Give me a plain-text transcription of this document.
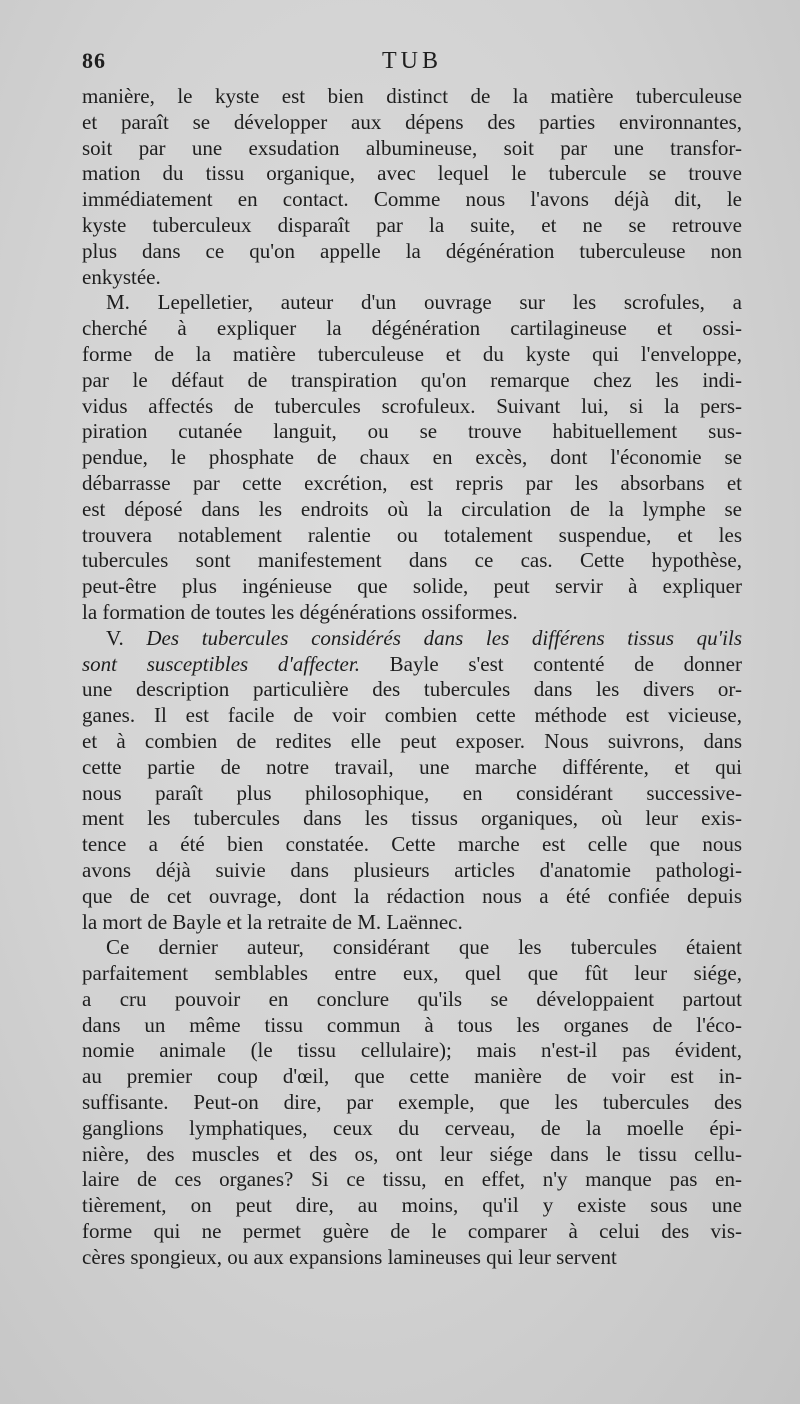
86	TUB
manière, le kyste est bien distinct de la matière tuberculeuse
et paraît se développer aux dépens des parties environnantes,
soit par une exsudation albumineuse, soit par une transfor-
mation du tissu organique, avec lequel le tubercule se trouve
immédiatement en contact. Comme nous l'avons déjà dit, le
kyste tuberculeux disparaît par la suite, et ne se retrouve
plus dans ce qu'on appelle la dégénération tuberculeuse non
enkystée.
M. Lepelletier, auteur d'un ouvrage sur les scrofules, a
cherché à expliquer la dégénération cartilagineuse et ossi-
forme de la matière tuberculeuse et du kyste qui l'enveloppe,
par le défaut de transpiration qu'on remarque chez les indi-
vidus affectés de tubercules scrofuleux. Suivant lui, si la pers-
piration cutanée languit, ou se trouve habituellement sus-
pendue, le phosphate de chaux en excès, dont l'économie se
débarrasse par cette excrétion, est repris par les absorbans et
est déposé dans les endroits où la circulation de la lymphe se
trouvera notablement ralentie ou totalement suspendue, et les
tubercules sont manifestement dans ce cas. Cette hypothèse,
peut-être plus ingénieuse que solide, peut servir à expliquer
la formation de toutes les dégénérations ossiformes.
V. Des tubercules considérés dans les différens tissus qu'ils
sont susceptibles d'affecter. Bayle s'est contenté de donner
une description particulière des tubercules dans les divers or-
ganes. Il est facile de voir combien cette méthode est vicieuse,
et à combien de redites elle peut exposer. Nous suivrons, dans
cette partie de notre travail, une marche différente, et qui
nous paraît plus philosophique, en considérant successive-
ment les tubercules dans les tissus organiques, où leur exis-
tence a été bien constatée. Cette marche est celle que nous
avons déjà suivie dans plusieurs articles d'anatomie pathologi-
que de cet ouvrage, dont la rédaction nous a été confiée depuis
la mort de Bayle et la retraite de M. Laënnec.
Ce dernier auteur, considérant que les tubercules étaient
parfaitement semblables entre eux, quel que fût leur siége,
a cru pouvoir en conclure qu'ils se développaient partout
dans un même tissu commun à tous les organes de l'éco-
nomie animale (le tissu cellulaire); mais n'est-il pas évident,
au premier coup d'œil, que cette manière de voir est in-
suffisante. Peut-on dire, par exemple, que les tubercules des
ganglions lymphatiques, ceux du cerveau, de la moelle épi-
nière, des muscles et des os, ont leur siége dans le tissu cellu-
laire de ces organes? Si ce tissu, en effet, n'y manque pas en-
tièrement, on peut dire, au moins, qu'il y existe sous une
forme qui ne permet guère de le comparer à celui des vis-
cères spongieux, ou aux expansions lamineuses qui leur servent
